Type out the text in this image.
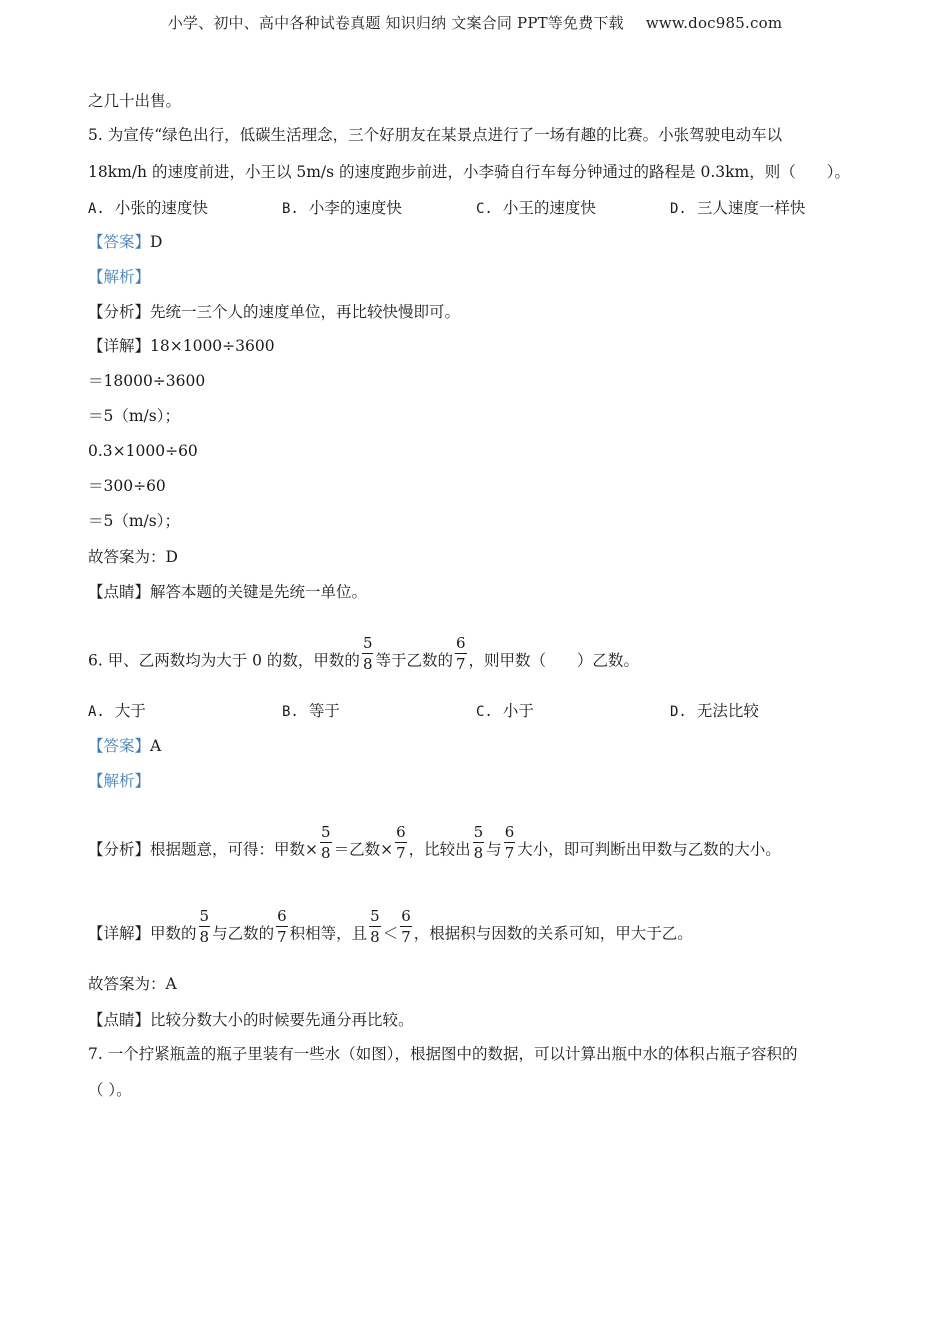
小学、初中、高中各种试卷真题 知识归纳 文案合同 PPT等免费下载 www.doc985.com
之几十出售。
5. 为宣传“绿色出行，低碳生活理念，三个好朋友在某景点进行了一场有趣的比赛。小张驾驶电动车以
18km/h 的速度前进，小王以 5m/s 的速度跑步前进，小李骑自行车每分钟通过的路程是 0.3km，则（　　）。
A. 小张的速度快	B. 小李的速度快	C. 小王的速度快	D. 三人速度一样快
【答案】D
【解析】
【分析】先统一三个人的速度单位，再比较快慢即可。
【详解】18×1000÷3600
＝18000÷3600
＝5（m/s）；
0.3×1000÷60
＝300÷60
＝5（m/s）；
故答案为：D
【点睛】解答本题的关键是先统一单位。
6. 甲、乙两数均为大于 0 的数，甲数的 $\frac{5}{8}$ 等于乙数的 $\frac{6}{7}$ ，则甲数（　　）乙数。
A. 大于	B. 等于	C. 小于	D. 无法比较
【答案】A
【解析】
【分析】根据题意，可得：甲数× $\frac{5}{8}$ ＝乙数× $\frac{6}{7}$ ，比较出 $\frac{5}{8}$ 与 $\frac{6}{7}$ 大小，即可判断出甲数与乙数的大小。
【详解】甲数的 $\frac{5}{8}$ 与乙数的 $\frac{6}{7}$ 积相等，且 $\frac{5}{8} < \frac{6}{7}$ ，根据积与因数的关系可知，甲大于乙。
故答案为：A
【点睛】比较分数大小的时候要先通分再比较。
7. 一个拧紧瓶盖的瓶子里装有一些水（如图），根据图中的数据，可以计算出瓶中水的体积占瓶子容积的
（ ）。
